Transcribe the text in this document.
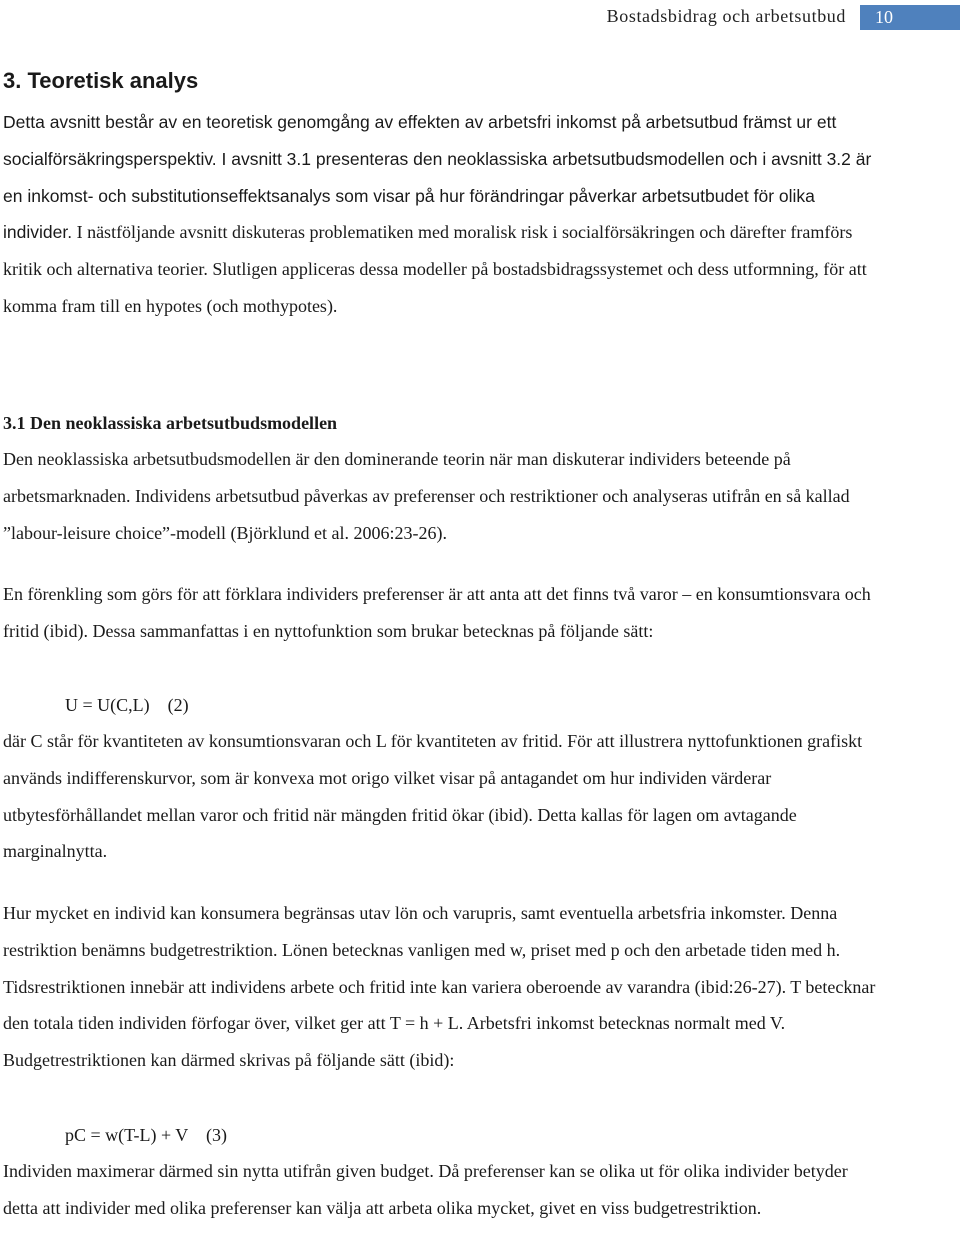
Bostadsbidrag och arbetsutbud	10
3. Teoretisk analys

Detta avsnitt består av en teoretisk genomgång av effekten av arbetsfri inkomst på arbetsutbud främst ur ett socialförsäkringsperspektiv. I avsnitt 3.1 presenteras den neoklassiska arbetsutbudsmodellen och i avsnitt 3.2 är en inkomst- och substitutionseffektsanalys som visar på hur förändringar påverkar arbetsutbudet för olika individer. I nästföljande avsnitt diskuteras problematiken med moralisk risk i socialförsäkringen och därefter framförs kritik och alternativa teorier. Slutligen appliceras dessa modeller på bostadsbidragssystemet och dess utformning, för att komma fram till en hypotes (och mothypotes).

3.1 Den neoklassiska arbetsutbudsmodellen

Den neoklassiska arbetsutbudsmodellen är den dominerande teorin när man diskuterar individers beteende på arbetsmarknaden. Individens arbetsutbud påverkas av preferenser och restriktioner och analyseras utifrån en så kallad ”labour-leisure choice”-modell (Björklund et al. 2006:23-26).

En förenkling som görs för att förklara individers preferenser är att anta att det finns två varor – en konsumtionsvara och fritid (ibid). Dessa sammanfattas i en nyttofunktion som brukar betecknas på följande sätt:

U = U(C,L)    (2)

där C står för kvantiteten av konsumtionsvaran och L för kvantiteten av fritid. För att illustrera nyttofunktionen grafiskt används indifferenskurvor, som är konvexa mot origo vilket visar på antagandet om hur individen värderar utbytesförhållandet mellan varor och fritid när mängden fritid ökar (ibid). Detta kallas för lagen om avtagande marginalnytta.

Hur mycket en individ kan konsumera begränsas utav lön och varupris, samt eventuella arbetsfria inkomster. Denna restriktion benämns budgetrestriktion. Lönen betecknas vanligen med w, priset med p och den arbetade tiden med h. Tidsrestriktionen innebär att individens arbete och fritid inte kan variera oberoende av varandra (ibid:26-27). T betecknar den totala tiden individen förfogar över, vilket ger att T = h + L. Arbetsfri inkomst betecknas normalt med V. Budgetrestriktionen kan därmed skrivas på följande sätt (ibid):

pC = w(T-L) + V    (3)

Individen maximerar därmed sin nytta utifrån given budget. Då preferenser kan se olika ut för olika individer betyder detta att individer med olika preferenser kan välja att arbeta olika mycket, givet en viss budgetrestriktion.
